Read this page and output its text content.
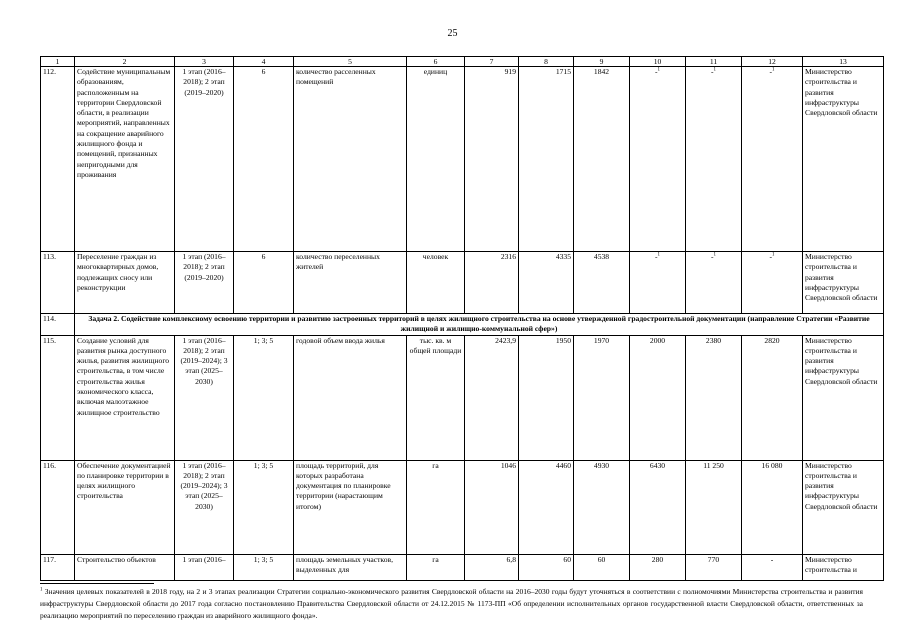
25
1	2	3	4	5	6	7	8	9	10	11	12	13
112.	Содействие муниципальным образованиям, расположенным на территории Свердловской области, в реализации мероприятий, направленных на сокращение аварийного жилищного фонда и помещений, признанных непригодными для проживания	1 этап (2016–2018); 2 этап (2019–2020)	6	количество расселенных помещений	единиц	919	1715	1842	-$^1$	-$^1$	-$^1$	Министерство строительства и развития инфраструктуры Свердловской области
113.	Переселение граждан из многоквартирных домов, подлежащих сносу или реконструкции	1 этап (2016–2018); 2 этап (2019–2020)	6	количество переселенных жителей	человек	2316	4335	4538	-$^1$	-$^1$	-$^1$	Министерство строительства и развития инфраструктуры Свердловской области
114.	Задача 2. Содействие комплексному освоению территории и развитию застроенных территорий в целях жилищного строительства на основе утвержденной градостроительной документации (направление Стратегии «Развитие жилищной и жилищно-коммунальной сфер»)											
115.	Создание условий для развития рынка доступного жилья, развития жилищного строительства, в том числе строительства жилья экономического класса, включая малоэтажное жилищное строительство	1 этап (2016–2018); 2 этап (2019–2024); 3 этап (2025–2030)	1; 3; 5	годовой объем ввода жилья	тыс. кв. м общей площади	2423,9	1950	1970	2000	2380	2820	Министерство строительства и развития инфраструктуры Свердловской области
116.	Обеспечение документацией по планировке территории в целях жилищного строительства	1 этап (2016–2018); 2 этап (2019–2024); 3 этап (2025–2030)	1; 3; 5	площадь территорий, для которых разработана документация по планировке территории (нарастающим итогом)	га	1046	4460	4930	6430	11 250	16 080	Министерство строительства и развития инфраструктуры Свердловской области
117.	Строительство объектов	1 этап (2016–	1; 3; 5	площадь земельных участков, выделенных для	га	6,8	60	60	280	770	-	Министерство строительства и
$^1$ Значения целевых показателей в 2018 году, на 2 и 3 этапах реализации Стратегии социально-экономического развития Свердловской области на 2016–2030 годы будут уточняться в соответствии с полномочиями Министерства строительства и развития инфраструктуры Свердловской области до 2017 года согласно постановлению Правительства Свердловской области от 24.12.2015 № 1173-ПП «Об определении исполнительных органов государственной власти Свердловской области, ответственных за реализацию мероприятий по переселению граждан из аварийного жилищного фонда».
